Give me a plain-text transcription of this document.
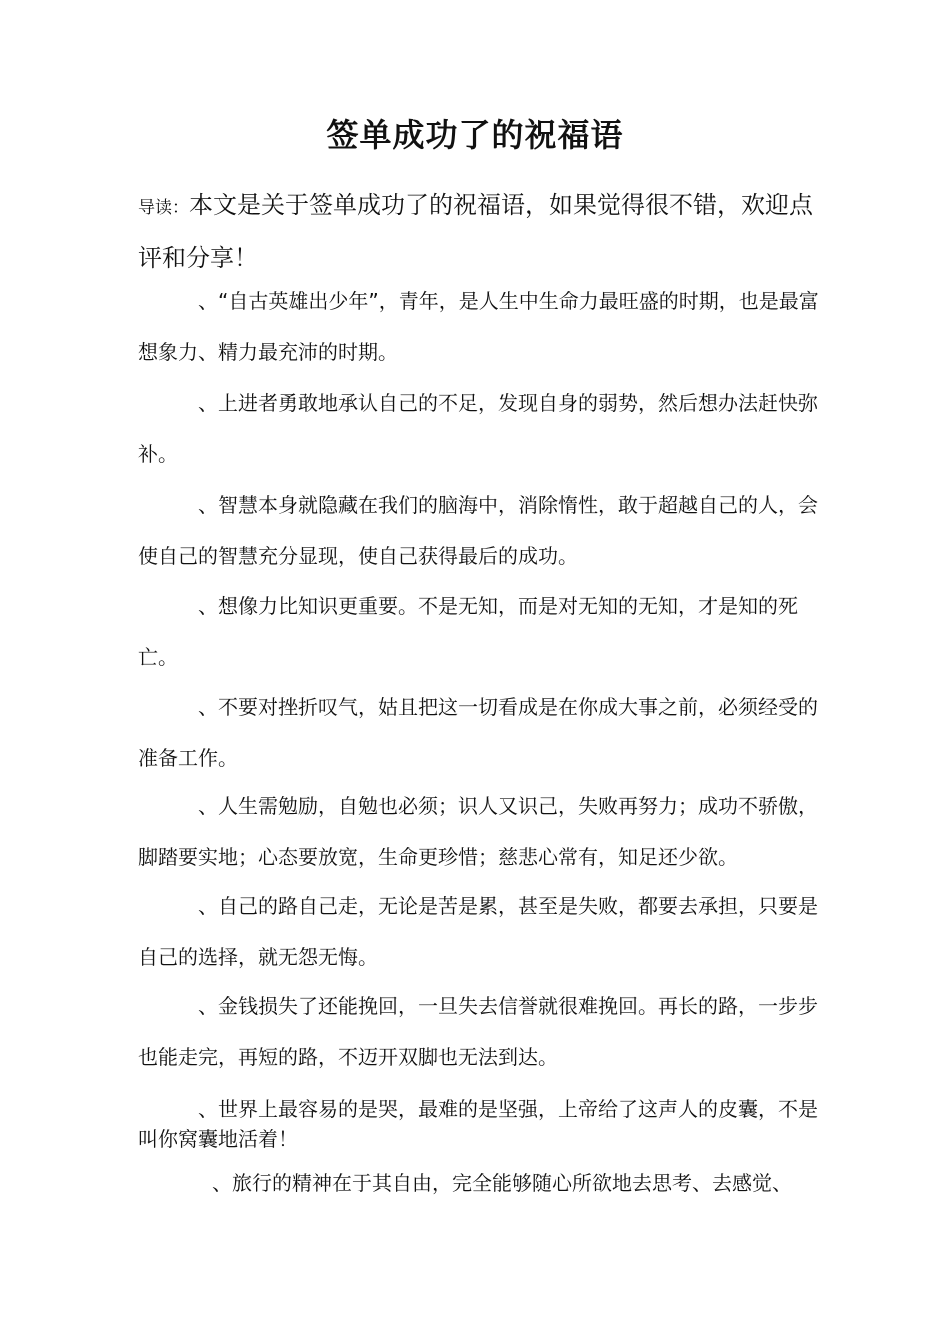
签单成功了的祝福语
导读：本文是关于签单成功了的祝福语，如果觉得很不错，欢迎点评和分享！
、“自古英雄出少年”，青年，是人生中生命力最旺盛的时期，也是最富想象力、精力最充沛的时期。
、上进者勇敢地承认自己的不足，发现自身的弱势，然后想办法赶快弥补。
、智慧本身就隐藏在我们的脑海中，消除惰性，敢于超越自己的人，会使自己的智慧充分显现，使自己获得最后的成功。
、想像力比知识更重要。不是无知，而是对无知的无知，才是知的死亡。
、不要对挫折叹气，姑且把这一切看成是在你成大事之前，必须经受的准备工作。
、人生需勉励，自勉也必须；识人又识己，失败再努力；成功不骄傲，脚踏要实地；心态要放宽，生命更珍惜；慈悲心常有，知足还少欲。
、自己的路自己走，无论是苦是累，甚至是失败，都要去承担，只要是自己的选择，就无怨无悔。
、金钱损失了还能挽回，一旦失去信誉就很难挽回。再长的路，一步步也能走完，再短的路，不迈开双脚也无法到达。
、世界上最容易的是哭，最难的是坚强，上帝给了这声人的皮囊，不是叫你窝囊地活着！
、旅行的精神在于其自由，完全能够随心所欲地去思考、去感觉、
